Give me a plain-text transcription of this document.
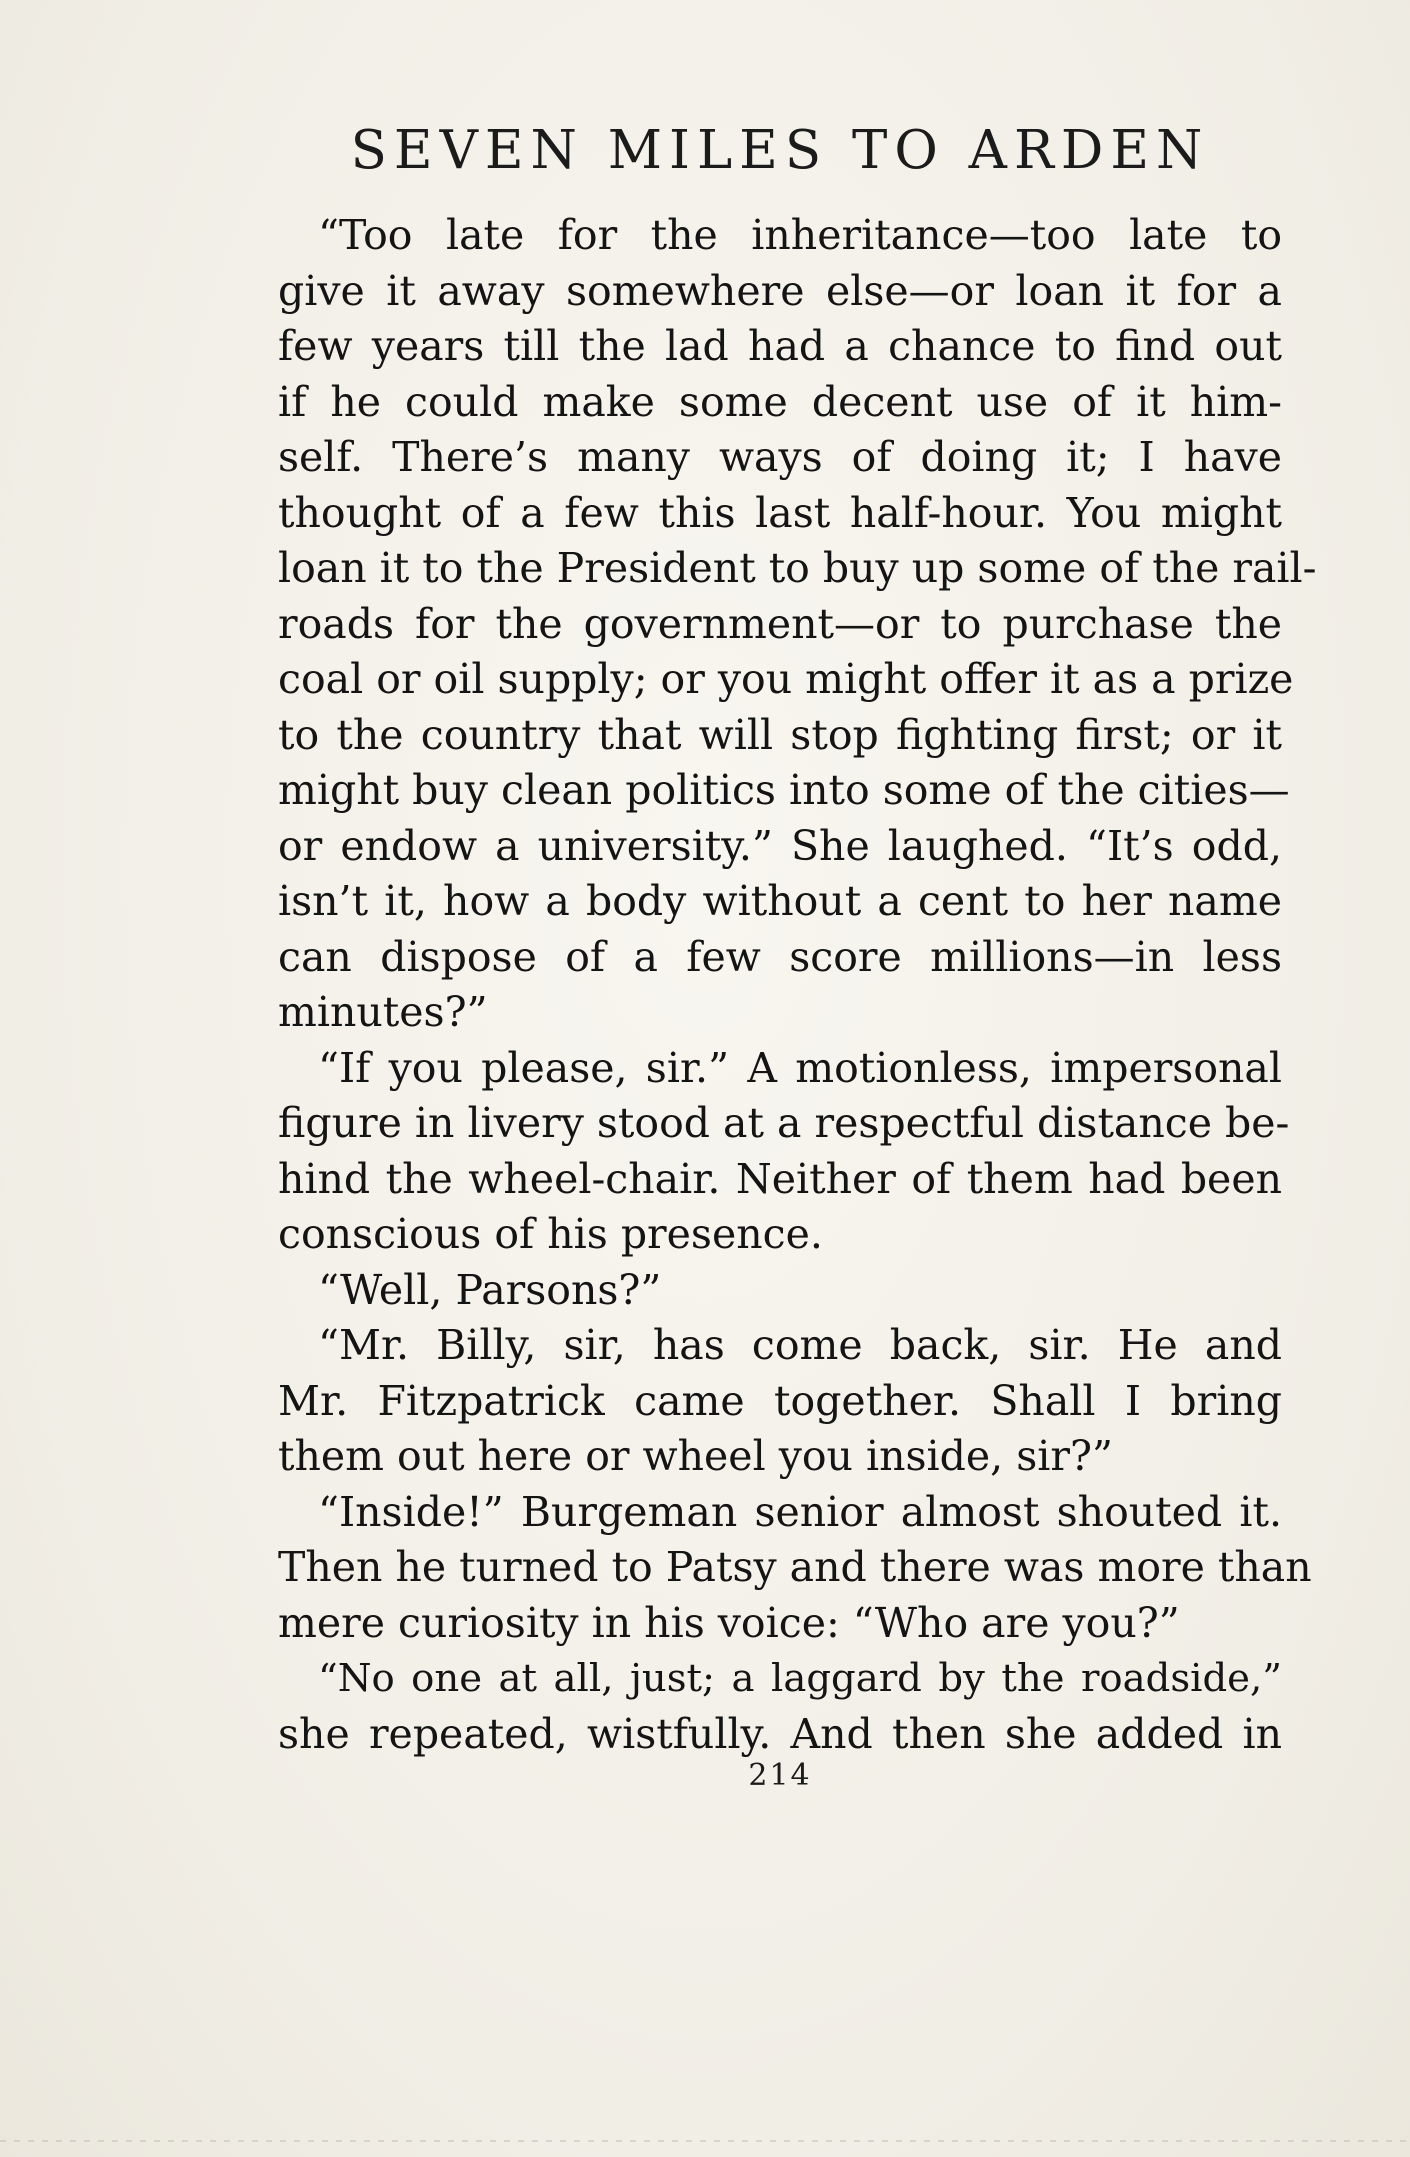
SEVEN MILES TO ARDEN
“Too late for the inheritance—too late to
give it away somewhere else—or loan it for a
few years till the lad had a chance to find out
if he could make some decent use of it him-
self. There’s many ways of doing it; I have
thought of a few this last half-hour. You might
loan it to the President to buy up some of the rail-
roads for the government—or to purchase the
coal or oil supply; or you might offer it as a prize
to the country that will stop fighting first; or it
might buy clean politics into some of the cities—
or endow a university.” She laughed. “It’s odd,
isn’t it, how a body without a cent to her name
can dispose of a few score millions—in less
minutes?”
“If you please, sir.” A motionless, impersonal
figure in livery stood at a respectful distance be-
hind the wheel-chair. Neither of them had been
conscious of his presence.
“Well, Parsons?”
“Mr. Billy, sir, has come back, sir. He and
Mr. Fitzpatrick came together. Shall I bring
them out here or wheel you inside, sir?”
“Inside!” Burgeman senior almost shouted it.
Then he turned to Patsy and there was more than
mere curiosity in his voice: “Who are you?”
“No one at all, just; a laggard by the roadside,”
she repeated, wistfully. And then she added in
214
